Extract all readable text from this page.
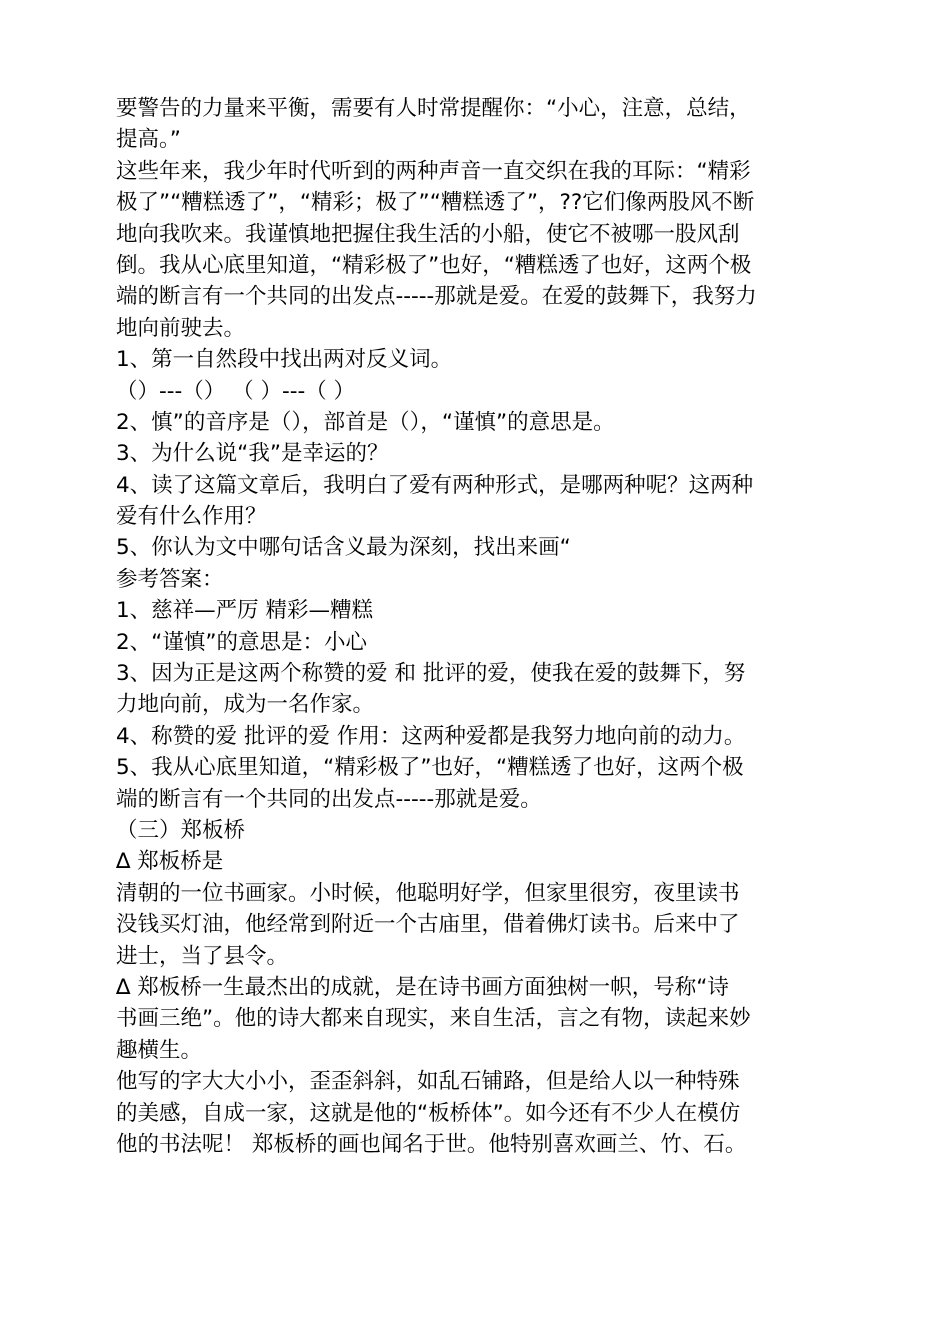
要警告的力量来平衡，需要有人时常提醒你：“小心，注意，总结，
提高。”
这些年来，我少年时代听到的两种声音一直交织在我的耳际：“精彩
极了”“糟糕透了”，“精彩；极了”“糟糕透了”，??它们像两股风不断
地向我吹来。我谨慎地把握住我生活的小船，使它不被哪一股风刮
倒。我从心底里知道，“精彩极了”也好，“糟糕透了也好，这两个极
端的断言有一个共同的出发点-----那就是爱。在爱的鼓舞下，我努力
地向前驶去。
1、第一自然段中找出两对反义词。
（）---（） （ ）---（ ）
2、慎”的音序是（），部首是（），“谨慎”的意思是。
3、为什么说“我”是幸运的？
4、读了这篇文章后，我明白了爱有两种形式，是哪两种呢？这两种
爱有什么作用？
5、你认为文中哪句话含义最为深刻，找出来画“
参考答案：
1、慈祥—严厉 精彩—糟糕
2、“谨慎”的意思是：小心
3、因为正是这两个称赞的爱 和 批评的爱，使我在爱的鼓舞下，努
力地向前，成为一名作家。
4、称赞的爱 批评的爱 作用：这两种爱都是我努力地向前的动力。
5、我从心底里知道，“精彩极了”也好，“糟糕透了也好，这两个极
端的断言有一个共同的出发点-----那就是爱。
（三）郑板桥
∆ 郑板桥是
清朝的一位书画家。小时候，他聪明好学，但家里很穷，夜里读书
没钱买灯油，他经常到附近一个古庙里，借着佛灯读书。后来中了
进士，当了县令。
∆ 郑板桥一生最杰出的成就，是在诗书画方面独树一帜，号称“诗
书画三绝”。他的诗大都来自现实，来自生活，言之有物，读起来妙
趣横生。
他写的字大大小小，歪歪斜斜，如乱石铺路，但是给人以一种特殊
的美感，自成一家，这就是他的“板桥体”。如今还有不少人在模仿
他的书法呢！ 郑板桥的画也闻名于世。他特别喜欢画兰、竹、石。
